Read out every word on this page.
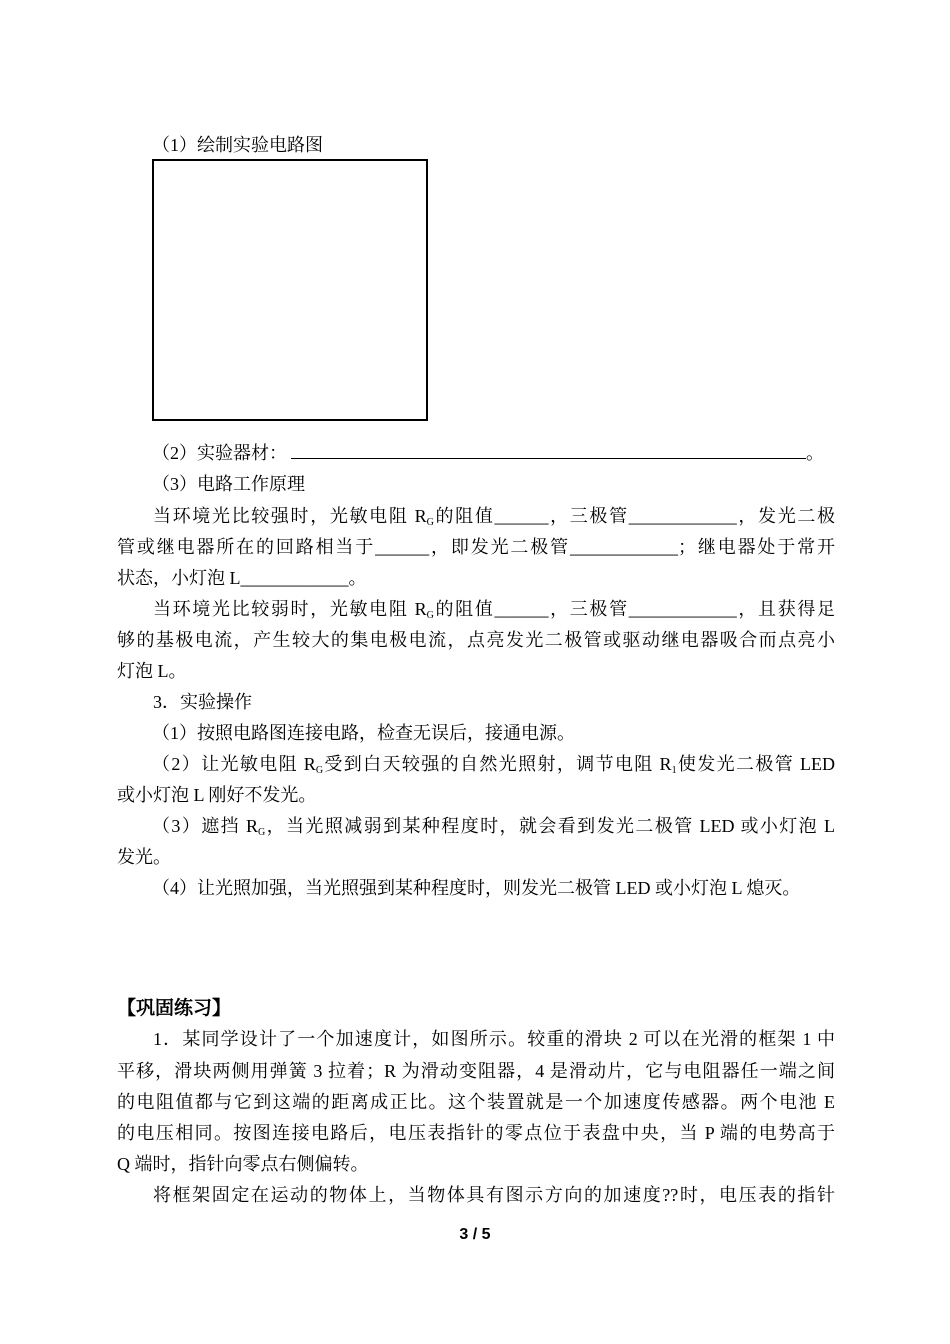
【巩固练习】
（1）绘制实验电路图
（2）实验器材：	。
（3）电路工作原理
当环境光比较强时，光敏电阻 $R_G$的阻值______，三极管____________，发光二极
管或继电器所在的回路相当于______，即发光二极管____________；继电器处于常开
状态，小灯泡 L____________。
当环境光比较弱时，光敏电阻 $R_G$的阻值______，三极管____________，且获得足
够的基极电流，产生较大的集电极电流，点亮发光二极管或驱动继电器吸合而点亮小
灯泡 L。
3．实验操作
（1）按照电路图连接电路，检查无误后，接通电源。
（2）让光敏电阻 $R_G$受到白天较强的自然光照射，调节电阻 $R_1$使发光二极管 LED
或小灯泡 L 刚好不发光。
（3）遮挡 $R_G$，当光照减弱到某种程度时，就会看到发光二极管 LED 或小灯泡 L
发光。
（4）让光照加强，当光照强到某种程度时，则发光二极管 LED 或小灯泡 L 熄灭。
1．某同学设计了一个加速度计，如图所示。较重的滑块 2 可以在光滑的框架 1 中
平移，滑块两侧用弹簧 3 拉着；R 为滑动变阻器，4 是滑动片，它与电阻器任一端之间
的电阻值都与它到这端的距离成正比。这个装置就是一个加速度传感器。两个电池 E
的电压相同。按图连接电路后，电压表指针的零点位于表盘中央，当 P 端的电势高于
Q 端时，指针向零点右侧偏转。
将框架固定在运动的物体上，当物体具有图示方向的加速度??时，电压表的指针
3 / 5
